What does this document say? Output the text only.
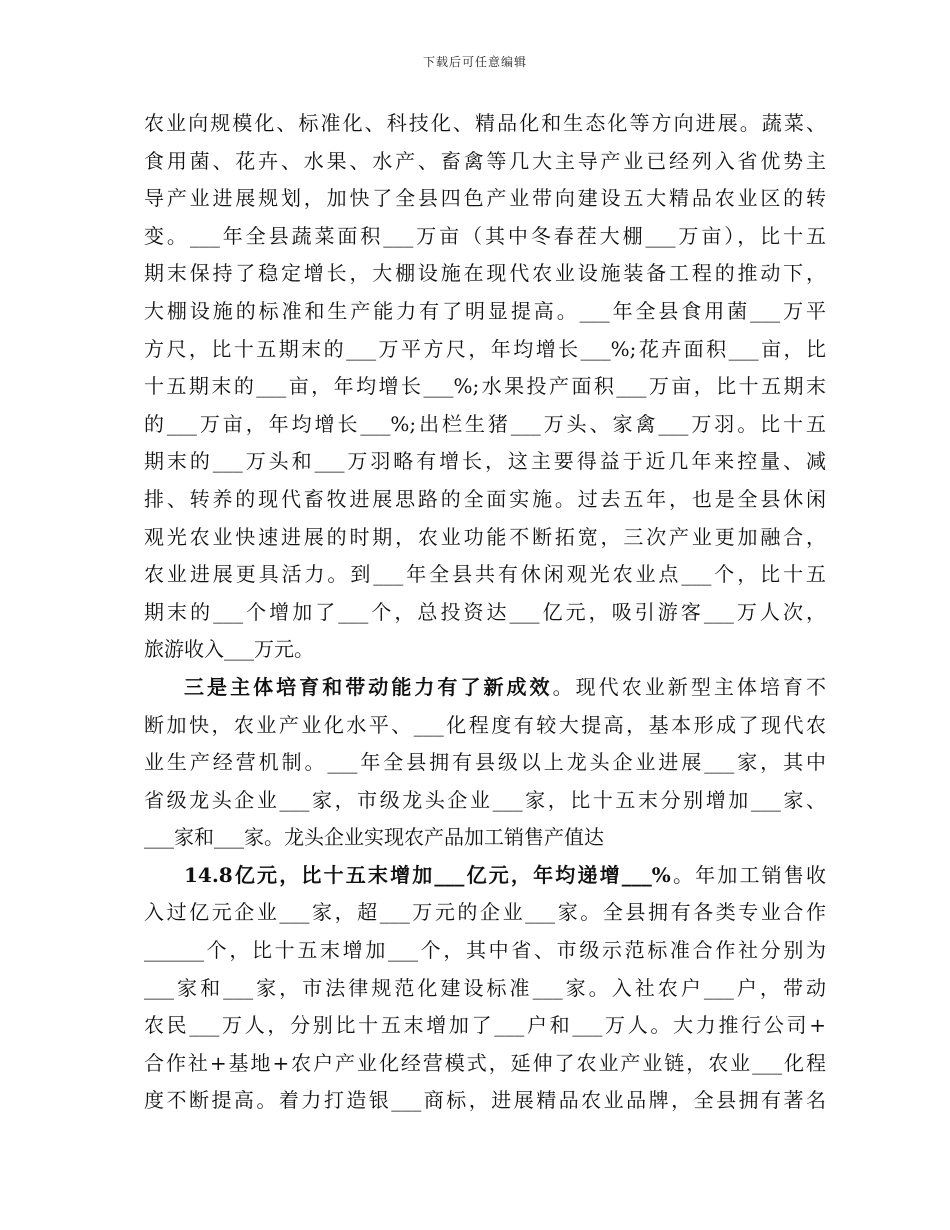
下载后可任意编辑
农业向规模化、标准化、科技化、精品化和生态化等方向进展。蔬菜、
食用菌、花卉、水果、水产、畜禽等几大主导产业已经列入省优势主
导产业进展规划，加快了全县四色产业带向建设五大精品农业区的转
变。___年全县蔬菜面积___万亩（其中冬春茬大棚___万亩），比十五
期末保持了稳定增长，大棚设施在现代农业设施装备工程的推动下，
大棚设施的标准和生产能力有了明显提高。___年全县食用菌___万平
方尺，比十五期末的___万平方尺，年均增长___%;花卉面积___亩，比
十五期末的___亩，年均增长___%;水果投产面积___万亩，比十五期末
的___万亩，年均增长___%;出栏生猪___万头、家禽___万羽。比十五
期末的___万头和___万羽略有增长，这主要得益于近几年来控量、减
排、转养的现代畜牧进展思路的全面实施。过去五年，也是全县休闲
观光农业快速进展的时期，农业功能不断拓宽，三次产业更加融合，
农业进展更具活力。到___年全县共有休闲观光农业点___个，比十五
期末的___个增加了___个，总投资达___亿元，吸引游客___万人次，
旅游收入___万元。
三是主体培育和带动能力有了新成效。现代农业新型主体培育不
断加快，农业产业化水平、___化程度有较大提高，基本形成了现代农
业生产经营机制。___年全县拥有县级以上龙头企业进展___家，其中
省级龙头企业___家，市级龙头企业___家，比十五末分别增加___家、
___家和___家。龙头企业实现农产品加工销售产值达
14.8亿元，比十五末增加___亿元，年均递增___%。年加工销售收
入过亿元企业___家，超___万元的企业___家。全县拥有各类专业合作
______个，比十五末增加___个，其中省、市级示范标准合作社分别为
___家和___家，市法律规范化建设标准___家。入社农户___户，带动
农民___万人，分别比十五末增加了___户和___万人。大力推行公司+
合作社+基地+农户产业化经营模式，延伸了农业产业链，农业___化程
度不断提高。着力打造银___商标，进展精品农业品牌，全县拥有著名
